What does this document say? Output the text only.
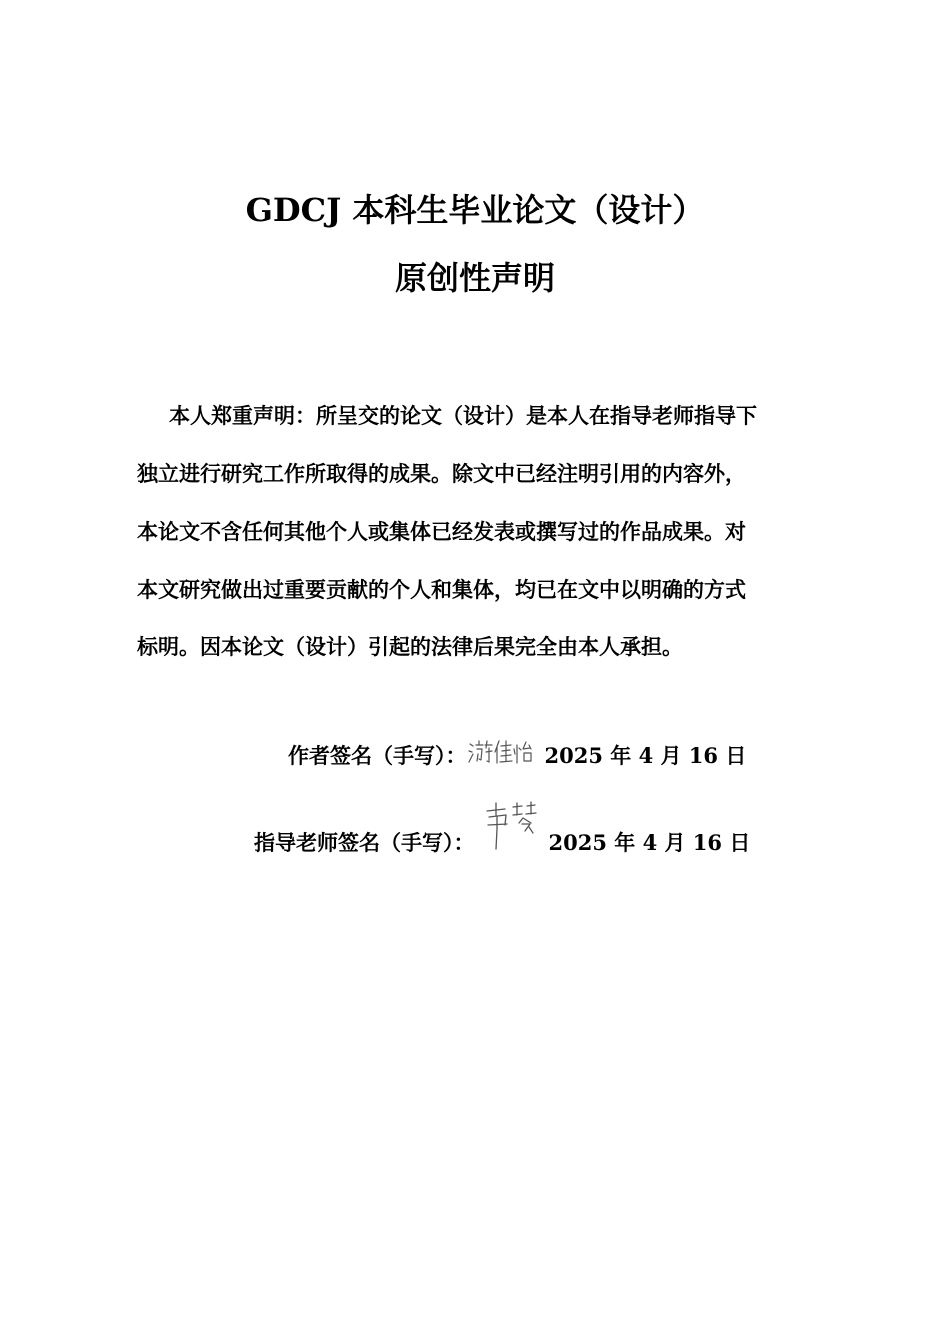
GDCJ 本科生毕业论文（设计）
原创性声明
本人郑重声明：所呈交的论文（设计）是本人在指导老师指导下
独立进行研究工作所取得的成果。除文中已经注明引用的内容外，
本论文不含任何其他个人或集体已经发表或撰写过的作品成果。对
本文研究做出过重要贡献的个人和集体，均已在文中以明确的方式
标明。因本论文（设计）引起的法律后果完全由本人承担。
作者签名（手写）：	2025 年 4 月 16 日
指导老师签名（手写）：	2025 年 4 月 16 日
